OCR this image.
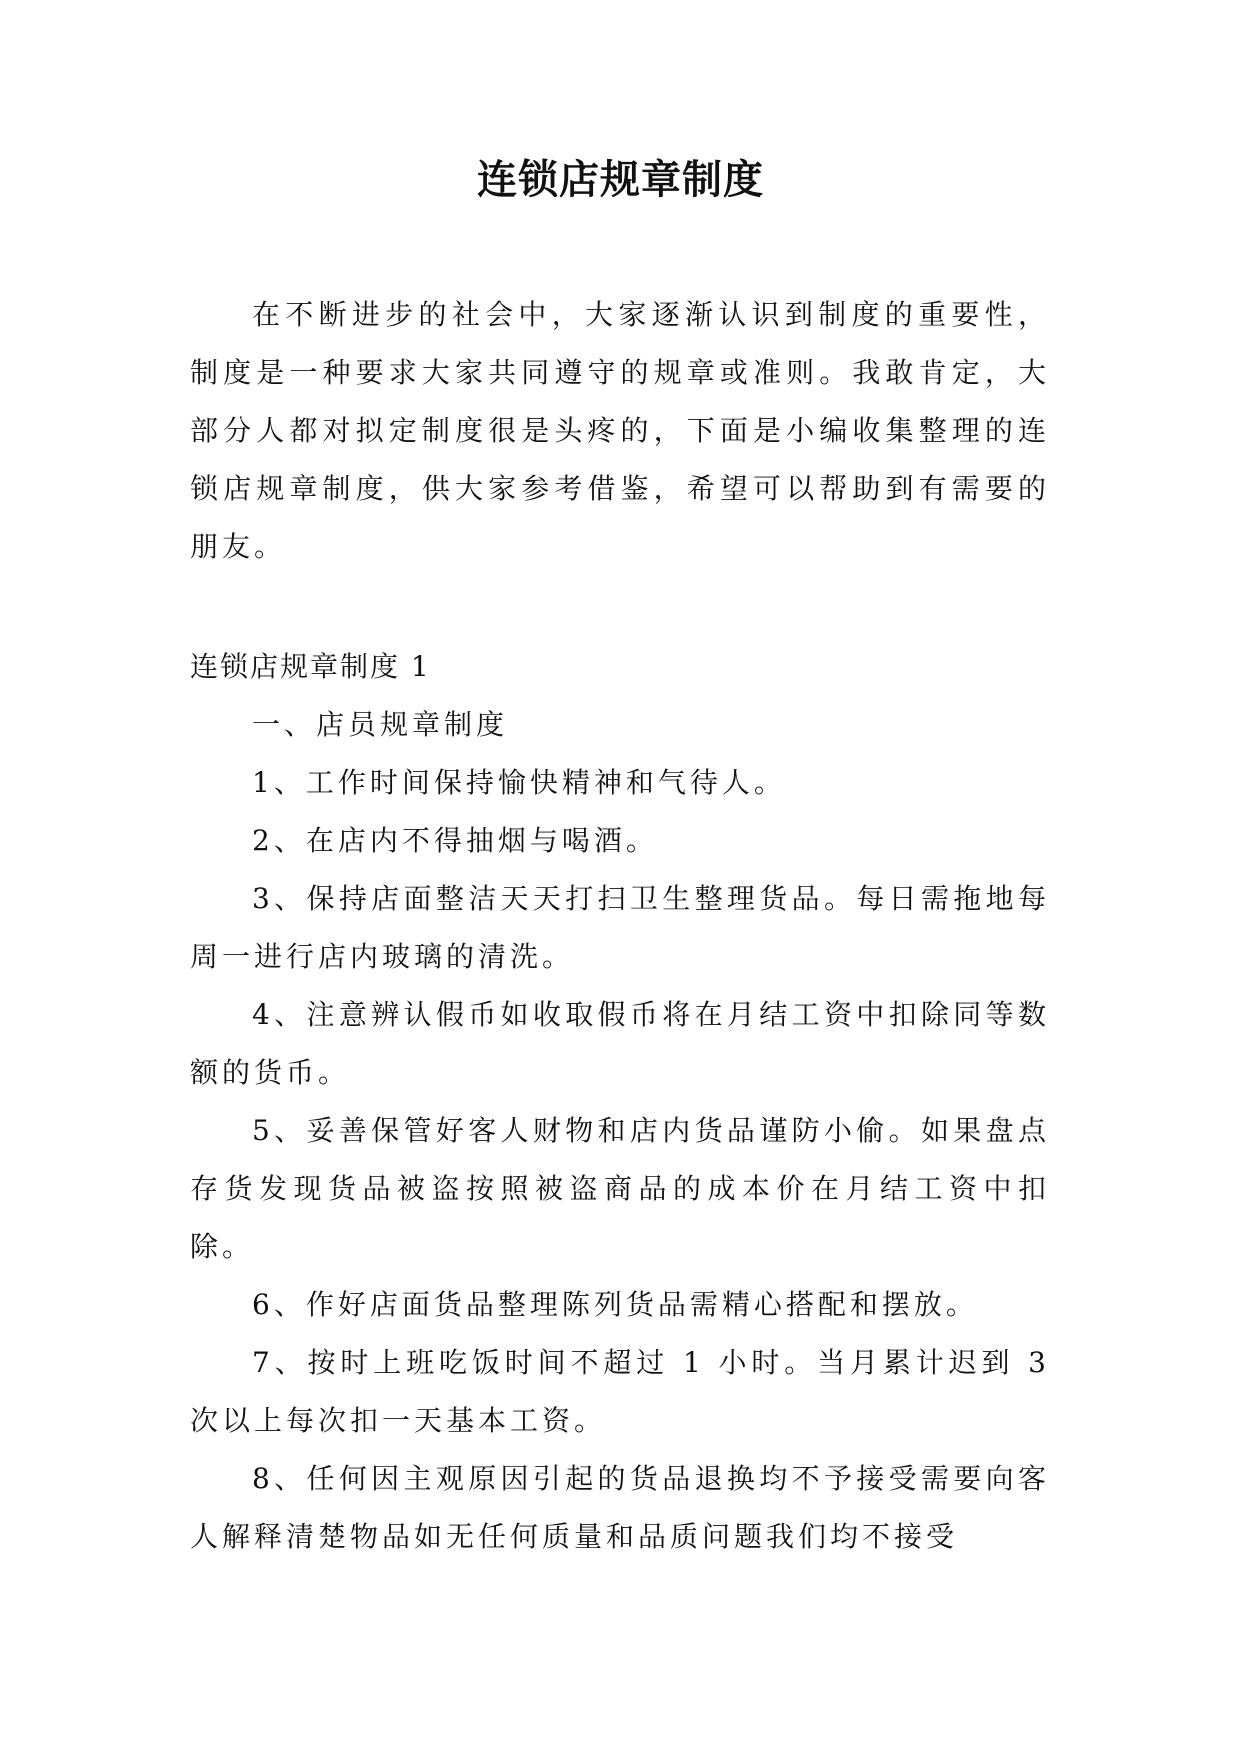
连锁店规章制度

在不断进步的社会中，大家逐渐认识到制度的重要性，制度是一种要求大家共同遵守的规章或准则。我敢肯定，大部分人都对拟定制度很是头疼的，下面是小编收集整理的连锁店规章制度，供大家参考借鉴，希望可以帮助到有需要的朋友。

连锁店规章制度 1

一、店员规章制度

1、工作时间保持愉快精神和气待人。

2、在店内不得抽烟与喝酒。

3、保持店面整洁天天打扫卫生整理货品。每日需拖地每周一进行店内玻璃的清洗。

4、注意辨认假币如收取假币将在月结工资中扣除同等数额的货币。

5、妥善保管好客人财物和店内货品谨防小偷。如果盘点存货发现货品被盗按照被盗商品的成本价在月结工资中扣除。

6、作好店面货品整理陈列货品需精心搭配和摆放。

7、按时上班吃饭时间不超过 1 小时。当月累计迟到 3 次以上每次扣一天基本工资。

8、任何因主观原因引起的货品退换均不予接受需要向客人解释清楚物品如无任何质量和品质问题我们均不接受
